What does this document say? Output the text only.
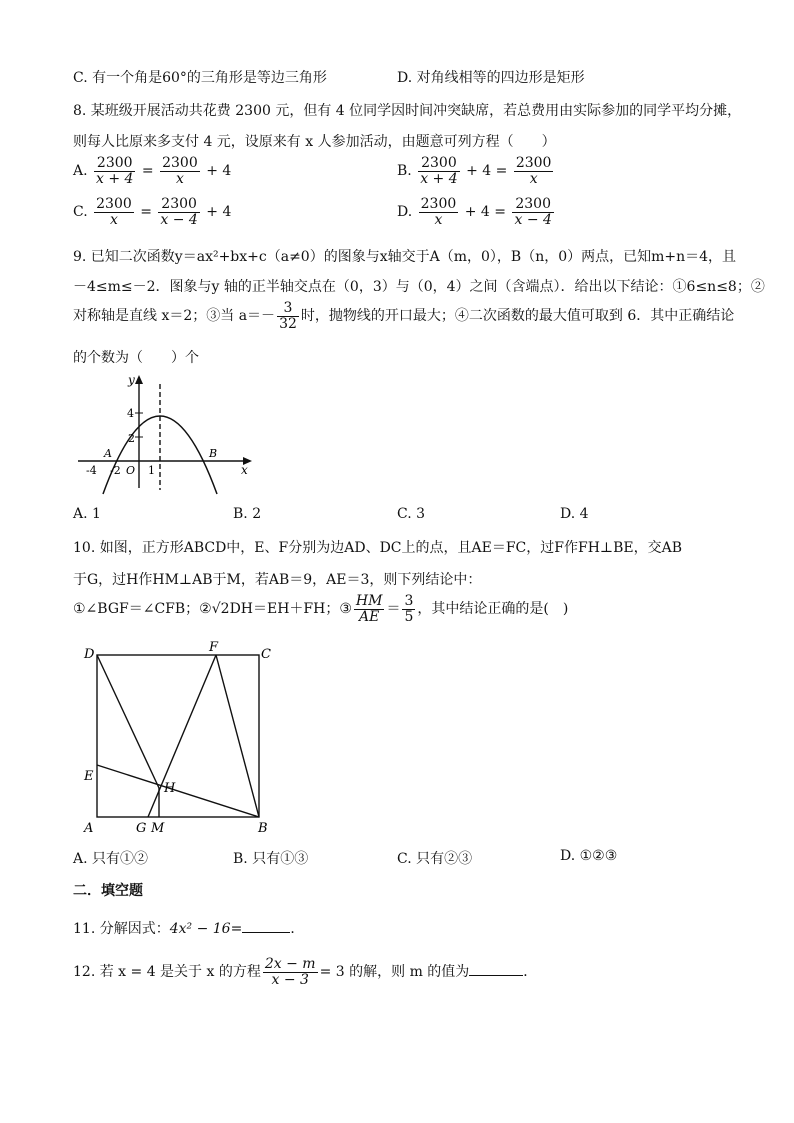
C. 有一个角是60°的三角形是等边三角形	D. 对角线相等的四边形是矩形
8. 某班级开展活动共花费 2300 元，但有 4 位同学因时间冲突缺席，若总费用由实际参加的同学平均分摊，
则每人比原来多支付 4 元，设原来有 x 人参加活动，由题意可列方程（　　）
A. $\frac{2300}{x + 4} = \frac{2300}{x} + 4$	B. $\frac{2300}{x + 4} + 4 = \frac{2300}{x}$
C. $\frac{2300}{x} = \frac{2300}{x - 4} + 4$	D. $\frac{2300}{x} + 4 = \frac{2300}{x - 4}$
9. 已知二次函数y＝ax²+bx+c（a≠0）的图象与x轴交于A（m，0），B（n，0）两点，已知m+n＝4，且
－4≤m≤－2．图象与y 轴的正半轴交点在（0，3）与（0，4）之间（含端点）．给出以下结论：①6≤n≤8；②
对称轴是直线 x＝2；③当 $a=- \frac{3}{32}$ 时，抛物线的开口最大；④二次函数的最大值可取到 6．其中正确结论
的个数为（　　）个
y
x
4
2
-4 -2 O 1
A	B
A. 1	B. 2	C. 3	D. 4
10. 如图，正方形ABCD中，E、F分别为边AD、DC上的点，且AE＝FC，过F作FH⊥BE，交AB
于G，过H作HM⊥AB于M，若AB＝9，AE＝3，则下列结论中：
①∠BGF＝∠CFB；②√2DH＝EH＋FH；③ $\frac{HM}{AE} = \frac{3}{5}$ ，其中结论正确的是(　)
D	F	C
E
H
A	G M	B
A. 只有①②	B. 只有①③	C. 只有②③	D. ①②③
二．填空题
11. 分解因式：4x² − 16=	．
12. 若 x = 4 是关于 x 的方程 $\frac{2x - m}{x - 3} = 3$ 的解，则 m 的值为	．
